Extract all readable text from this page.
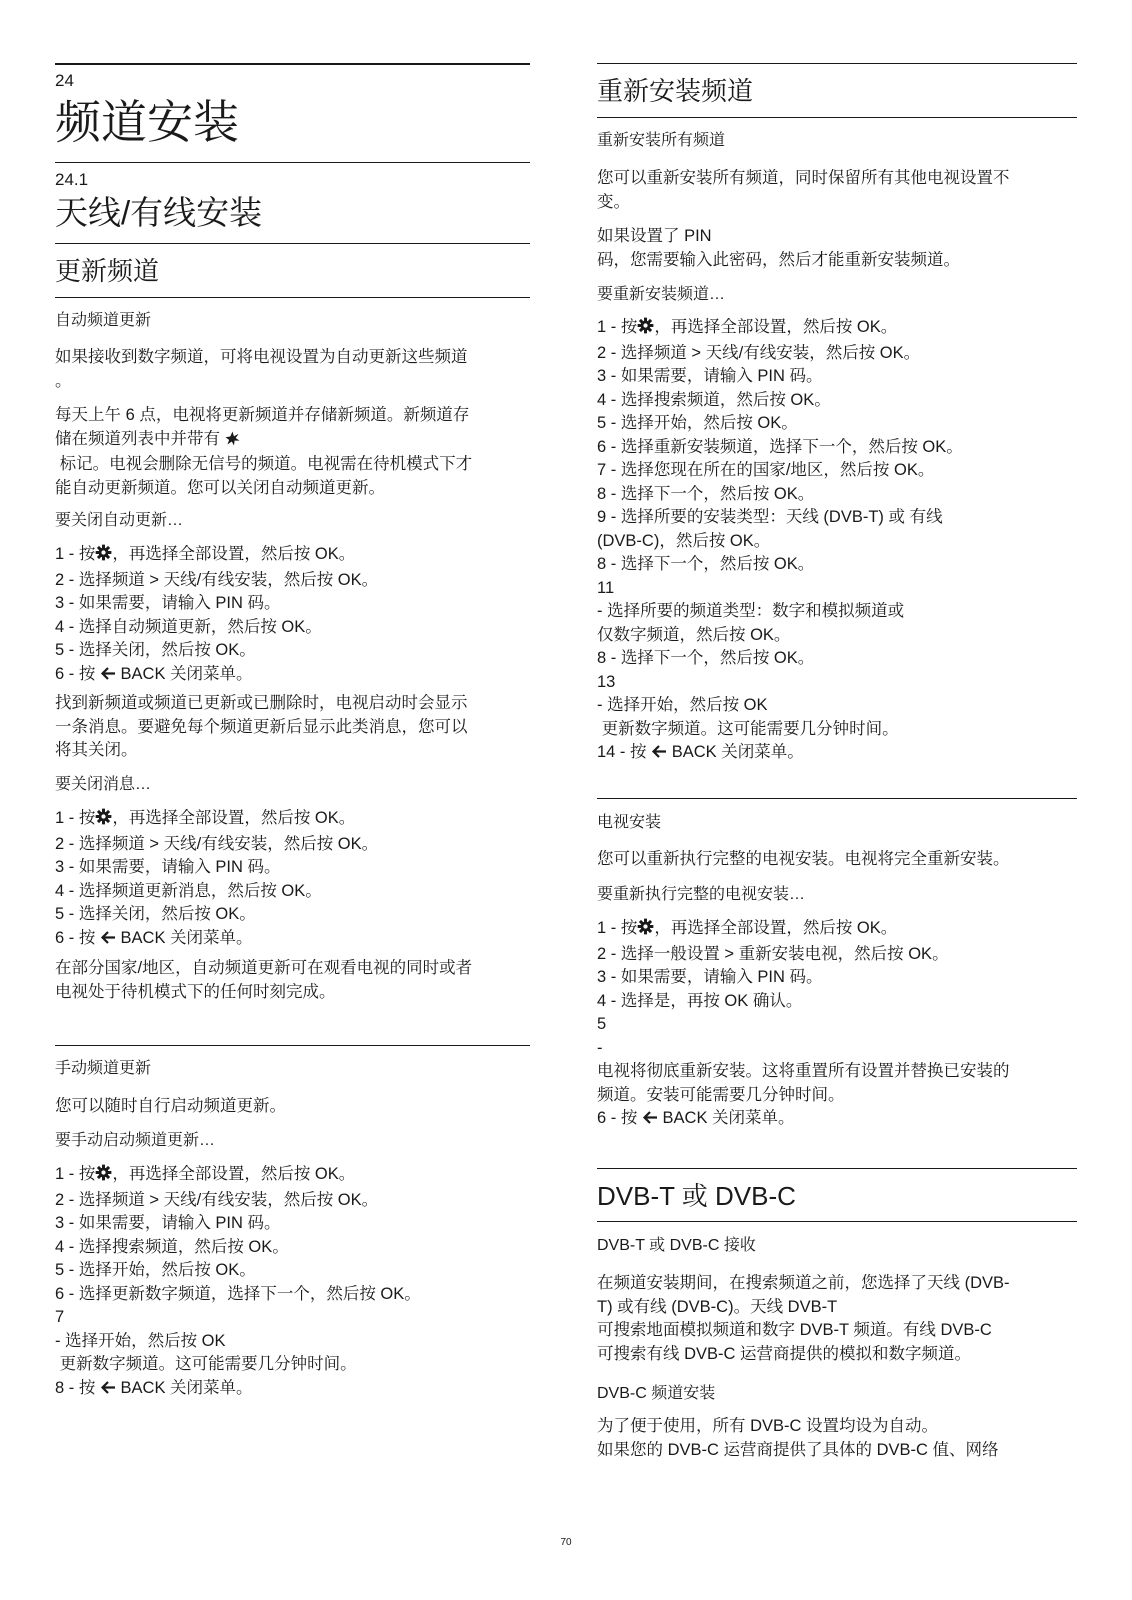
24
频道安装
24.1
天线/有线安装
更新频道
自动频道更新
如果接收到数字频道，可将电视设置为自动更新这些频道
。
每天上午 6 点，电视将更新频道并存储新频道。新频道存
储在频道列表中并带有
标记。电视会删除无信号的频道。电视需在待机模式下才
能自动更新频道。您可以关闭自动频道更新。
要关闭自动更新…
1 - 按 ，再选择全部设置，然后按 OK。
2 - 选择频道 > 天线/有线安装，然后按 OK。
3 - 如果需要，请输入 PIN 码。
4 - 选择自动频道更新，然后按 OK。
5 - 选择关闭，然后按 OK。
6 - 按  BACK 关闭菜单。
找到新频道或频道已更新或已删除时，电视启动时会显示
一条消息。要避免每个频道更新后显示此类消息，您可以
将其关闭。
要关闭消息…
1 - 按 ，再选择全部设置，然后按 OK。
2 - 选择频道 > 天线/有线安装，然后按 OK。
3 - 如果需要，请输入 PIN 码。
4 - 选择频道更新消息，然后按 OK。
5 - 选择关闭，然后按 OK。
6 - 按  BACK 关闭菜单。
在部分国家/地区，自动频道更新可在观看电视的同时或者
电视处于待机模式下的任何时刻完成。
手动频道更新
您可以随时自行启动频道更新。
要手动启动频道更新…
1 - 按 ，再选择全部设置，然后按 OK。
2 - 选择频道 > 天线/有线安装，然后按 OK。
3 - 如果需要，请输入 PIN 码。
4 - 选择搜索频道，然后按 OK。
5 - 选择开始，然后按 OK。
6 - 选择更新数字频道，选择下一个，然后按 OK。
7
- 选择开始，然后按 OK
更新数字频道。这可能需要几分钟时间。
8 - 按  BACK 关闭菜单。
重新安装频道
重新安装所有频道
您可以重新安装所有频道，同时保留所有其他电视设置不
变。
如果设置了 PIN
码，您需要输入此密码，然后才能重新安装频道。
要重新安装频道…
1 - 按 ，再选择全部设置，然后按 OK。
2 - 选择频道 > 天线/有线安装，然后按 OK。
3 - 如果需要，请输入 PIN 码。
4 - 选择搜索频道，然后按 OK。
5 - 选择开始，然后按 OK。
6 - 选择重新安装频道，选择下一个，然后按 OK。
7 - 选择您现在所在的国家/地区，然后按 OK。
8 - 选择下一个，然后按 OK。
9 - 选择所要的安装类型：天线 (DVB-T) 或 有线
(DVB-C)，然后按 OK。
8 - 选择下一个，然后按 OK。
11
- 选择所要的频道类型：数字和模拟频道或
仅数字频道，然后按 OK。
8 - 选择下一个，然后按 OK。
13
- 选择开始，然后按 OK
更新数字频道。这可能需要几分钟时间。
14 - 按  BACK 关闭菜单。
电视安装
您可以重新执行完整的电视安装。电视将完全重新安装。
要重新执行完整的电视安装…
1 - 按 ，再选择全部设置，然后按 OK。
2 - 选择一般设置 > 重新安装电视，然后按 OK。
3 - 如果需要，请输入 PIN 码。
4 - 选择是，再按 OK 确认。
5
-
电视将彻底重新安装。这将重置所有设置并替换已安装的
频道。安装可能需要几分钟时间。
6 - 按  BACK 关闭菜单。
DVB-T 或 DVB-C
DVB-T 或 DVB-C 接收
在频道安装期间，在搜索频道之前，您选择了天线 (DVB-
T) 或有线 (DVB-C)。天线 DVB-T
可搜索地面模拟频道和数字 DVB-T 频道。有线 DVB-C
可搜索有线 DVB-C 运营商提供的模拟和数字频道。
DVB-C 频道安装
为了便于使用，所有 DVB-C 设置均设为自动。
如果您的 DVB-C 运营商提供了具体的 DVB-C 值、网络
70
